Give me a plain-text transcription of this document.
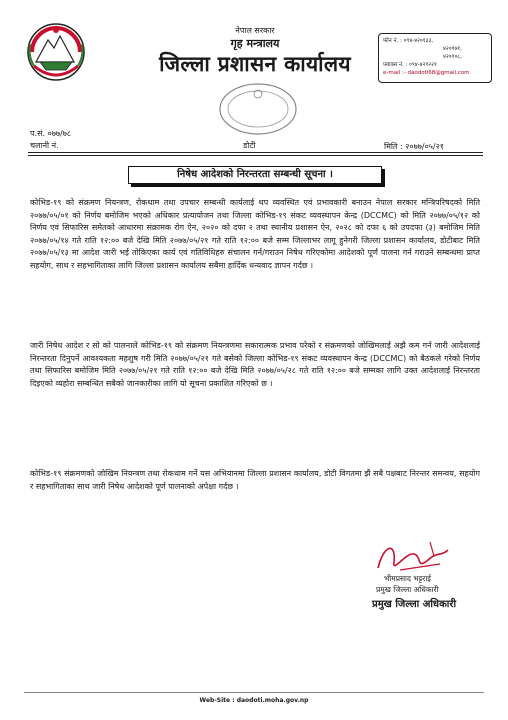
नेपाल सरकार
गृह मन्त्रालय
जिल्ला प्रशासन कार्यालय
फोन नं. : ०९४-४२०१३३,
४२०१७१,
४२०१०८,
फ्याक्स नं. : ०९४-४२१२२१
e-mail :- daodoti68@gmail.com
डोटी
प.सं. ०७७/७८
चलानी नं.	मिति : २०७७/०५/२१
निषेध आदेशको निरन्तरता सम्बन्धी सूचना ।

कोभिड-१९ को संक्रमण नियन्त्रण, रोकथाम तथा उपचार सम्बन्धी कार्यलाई थप व्यवस्थित एवं प्रभावकारी बनाउन नेपाल सरकार मन्त्रिपरिषदको मिति २०७७/०५/०१ को निर्णय बमोजिम भएको अधिकार प्रत्यायोजन तथा जिल्ला कोभिड-१९ संकट व्यवस्थापन केन्द्र (DCCMC) को मिति २०७७/०५/१२ को निर्णय एवं सिफारिस समेतको आधारमा संक्रामक रोग ऐन, २०२० को दफा २ तथा स्थानीय प्रशासन ऐन, २०२८ को दफा ६ को उपदफा (३) बमोजिम मिति २०७७/०५/१४ गते राति १२:०० बजे देखि मिति २०७७/०५/२१ गते राति १२:०० बजे सम्म जिल्लाभर लागू हुनेगरी जिल्ला प्रशासन कार्यालय, डोटीबाट मिति २०७७/०५/१३ मा आदेश जारी भई तोकिएका कार्य एवं गतिविधिहरु संचालन गर्न/गराउन निषेध गरिएकोमा आदेशको पूर्ण पालना गर्न गराउने सम्बन्धमा प्राप्त सहयोग, साथ र सहभागिताका लागि जिल्ला प्रशासन कार्यालय सबैमा हार्दिक धन्यवाद ज्ञापन गर्दछ ।

जारी निषेध आदेश र सो को पालनाले कोभिड-१९ को संक्रमण नियन्त्रणमा सकारात्मक प्रभाव परेको र संक्रमणको जोखिमलाई अझै कम गर्न जारी आदेशलाई निरन्तरता दिनुपर्ने आवश्यकता महशुष गरी मिति २०७७/०५/२१ गते बसेको जिल्ला कोभिड-१९ संकट व्यवस्थापन केन्द्र (DCCMC) को बैठकले गरेको निर्णय तथा सिफारिस बमोजिम मिति २०७७/०५/२१ गते राति १२:०० बजे देखि मिति २०७७/०५/२८ गते राति १२:०० बजे सम्मका लागि उक्त आदेशलाई निरन्तरता दिइएको व्यहोरा सम्बन्धित सबैको जानकारीका लागि यो सूचना प्रकाशित गरिएको छ ।

कोभिड-१९ संक्रमणको जोखिम नियन्त्रण तथा रोकथाम गर्ने यस अभियानमा जिल्ला प्रशासन कार्यालय, डोटी विगतमा झैं सबै पक्षबाट निरन्तर समन्वय, सहयोग र सहभागिताका साथ जारी निषेध आदेशको पूर्ण पालनाको अपेक्षा गर्दछ ।

भीमप्रसाद भट्टराई
प्रमुख जिल्ला अधिकारी
प्रमुख जिल्ला अधिकारी
Web-Site : daodoti.moha.gov.np
